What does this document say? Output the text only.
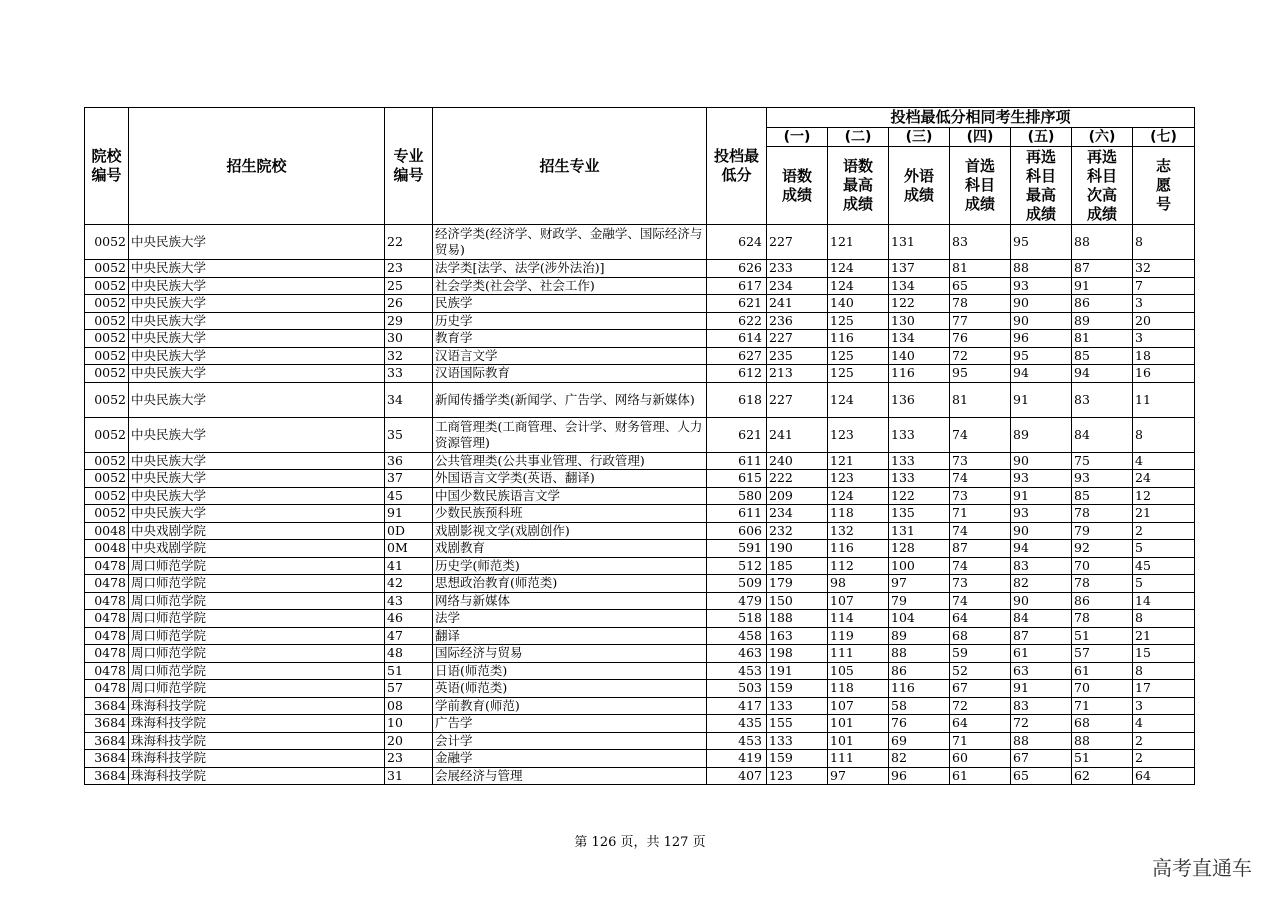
院校编号	招生院校	专业编号	招生专业	投档最低分	投档最低分相同考生排序项						
					(一)	(二)	(三)	(四)	(五)	(六)	(七)
					语数成绩	语数最高成绩	外语成绩	首选科目成绩	再选科目最高成绩	再选科目次高成绩	志愿号
0052	中央民族大学	22	经济学类(经济学、财政学、金融学、国际经济与贸易)	624	227	121	131	83	95	88	8
0052	中央民族大学	23	法学类[法学、法学(涉外法治)]	626	233	124	137	81	88	87	32
0052	中央民族大学	25	社会学类(社会学、社会工作)	617	234	124	134	65	93	91	7
0052	中央民族大学	26	民族学	621	241	140	122	78	90	86	3
0052	中央民族大学	29	历史学	622	236	125	130	77	90	89	20
0052	中央民族大学	30	教育学	614	227	116	134	76	96	81	3
0052	中央民族大学	32	汉语言文学	627	235	125	140	72	95	85	18
0052	中央民族大学	33	汉语国际教育	612	213	125	116	95	94	94	16
0052	中央民族大学	34	新闻传播学类(新闻学、广告学、网络与新媒体)	618	227	124	136	81	91	83	11
0052	中央民族大学	35	工商管理类(工商管理、会计学、财务管理、人力资源管理)	621	241	123	133	74	89	84	8
0052	中央民族大学	36	公共管理类(公共事业管理、行政管理)	611	240	121	133	73	90	75	4
0052	中央民族大学	37	外国语言文学类(英语、翻译)	615	222	123	133	74	93	93	24
0052	中央民族大学	45	中国少数民族语言文学	580	209	124	122	73	91	85	12
0052	中央民族大学	91	少数民族预科班	611	234	118	135	71	93	78	21
0048	中央戏剧学院	0D	戏剧影视文学(戏剧创作)	606	232	132	131	74	90	79	2
0048	中央戏剧学院	0M	戏剧教育	591	190	116	128	87	94	92	5
0478	周口师范学院	41	历史学(师范类)	512	185	112	100	74	83	70	45
0478	周口师范学院	42	思想政治教育(师范类)	509	179	98	97	73	82	78	5
0478	周口师范学院	43	网络与新媒体	479	150	107	79	74	90	86	14
0478	周口师范学院	46	法学	518	188	114	104	64	84	78	8
0478	周口师范学院	47	翻译	458	163	119	89	68	87	51	21
0478	周口师范学院	48	国际经济与贸易	463	198	111	88	59	61	57	15
0478	周口师范学院	51	日语(师范类)	453	191	105	86	52	63	61	8
0478	周口师范学院	57	英语(师范类)	503	159	118	116	67	91	70	17
3684	珠海科技学院	08	学前教育(师范)	417	133	107	58	72	83	71	3
3684	珠海科技学院	10	广告学	435	155	101	76	64	72	68	4
3684	珠海科技学院	20	会计学	453	133	101	69	71	88	88	2
3684	珠海科技学院	23	金融学	419	159	111	82	60	67	51	2
3684	珠海科技学院	31	会展经济与管理	407	123	97	96	61	65	62	64
第 126 页，共 127 页
高考直通车
